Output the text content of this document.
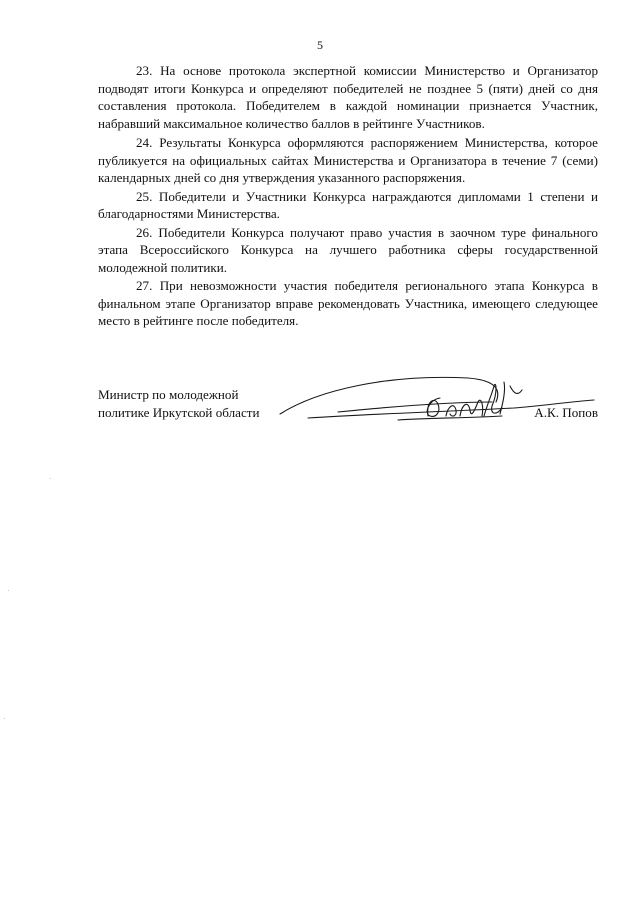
5

23. На основе протокола экспертной комиссии Министерство и Организатор подводят итоги Конкурса и определяют победителей не позднее 5 (пяти) дней со дня составления протокола. Победителем в каждой номинации признается Участник, набравший максимальное количество баллов в рейтинге Участников.

24. Результаты Конкурса оформляются распоряжением Министерства, которое публикуется на официальных сайтах Министерства и Организатора в течение 7 (семи) календарных дней со дня утверждения указанного распоряжения.

25. Победители и Участники Конкурса награждаются дипломами 1 степени и благодарностями Министерства.

26. Победители Конкурса получают право участия в заочном туре финального этапа Всероссийского Конкурса на лучшего работника сферы государственной молодежной политики.

27. При невозможности участия победителя регионального этапа Конкурса в финальном этапе Организатор вправе рекомендовать Участника, имеющего следующее место в рейтинге после победителя.

Министр по молодежной
политике Иркутской области	А.К. Попов
